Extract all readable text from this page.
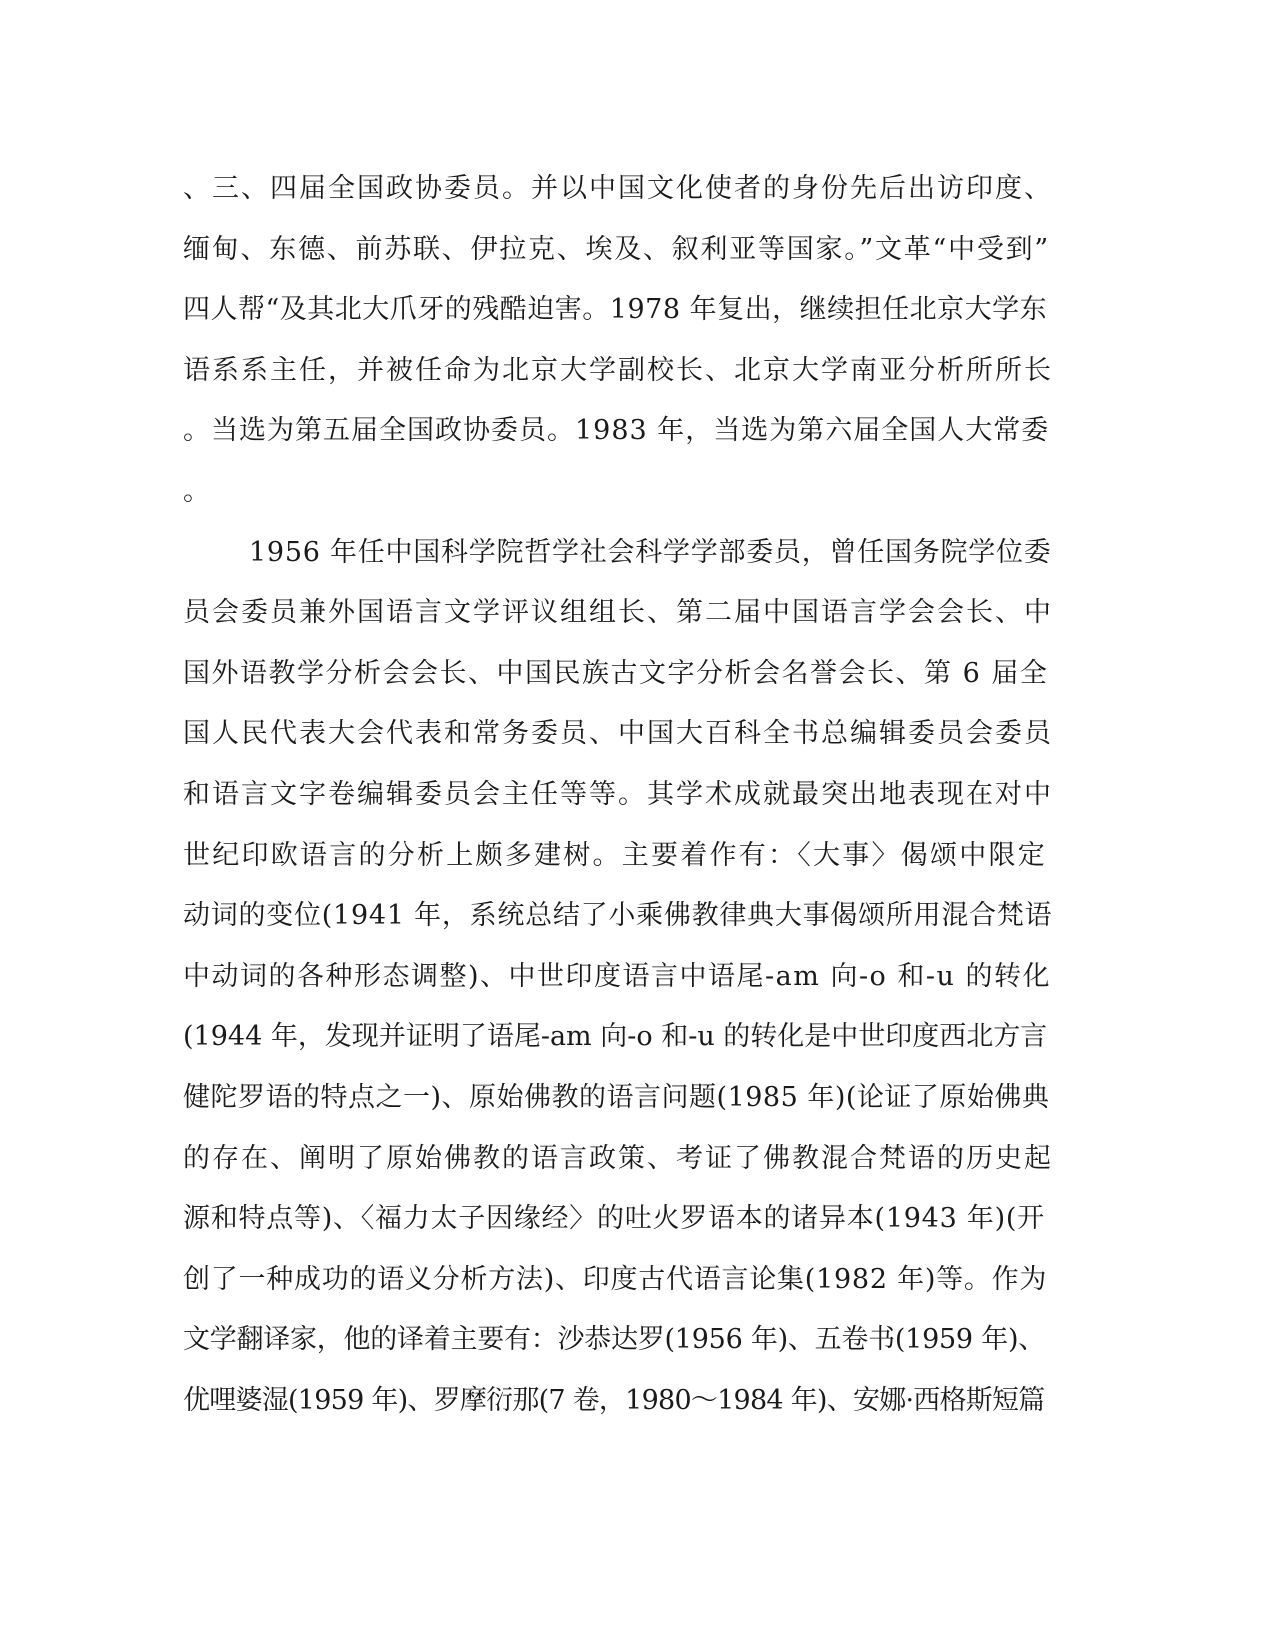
、三、四届全国政协委员。并以中国文化使者的身份先后出访印度、
缅甸、东德、前苏联、伊拉克、埃及、叙利亚等国家。”文革“中受到”
四人帮“及其北大爪牙的残酷迫害。1978 年复出，继续担任北京大学东
语系系主任，并被任命为北京大学副校长、北京大学南亚分析所所长
。当选为第五届全国政协委员。1983 年，当选为第六届全国人大常委
。
1956 年任中国科学院哲学社会科学学部委员，曾任国务院学位委
员会委员兼外国语言文学评议组组长、第二届中国语言学会会长、中
国外语教学分析会会长、中国民族古文字分析会名誉会长、第 6 届全
国人民代表大会代表和常务委员、中国大百科全书总编辑委员会委员
和语言文字卷编辑委员会主任等等。其学术成就最突出地表现在对中
世纪印欧语言的分析上颇多建树。主要着作有：〈大事〉偈颂中限定
动词的变位(1941 年，系统总结了小乘佛教律典大事偈颂所用混合梵语
中动词的各种形态调整)、中世印度语言中语尾-am 向-o 和-u 的转化
(1944 年，发现并证明了语尾-am 向-o 和-u 的转化是中世印度西北方言
健陀罗语的特点之一)、原始佛教的语言问题(1985 年)(论证了原始佛典
的存在、阐明了原始佛教的语言政策、考证了佛教混合梵语的历史起
源和特点等)、〈福力太子因缘经〉的吐火罗语本的诸异本(1943 年)(开
创了一种成功的语义分析方法)、印度古代语言论集(1982 年)等。作为
文学翻译家，他的译着主要有：沙恭达罗(1956 年)、五卷书(1959 年)、
优哩婆湿(1959 年)、罗摩衍那(7 卷，1980～1984 年)、安娜·西格斯短篇
